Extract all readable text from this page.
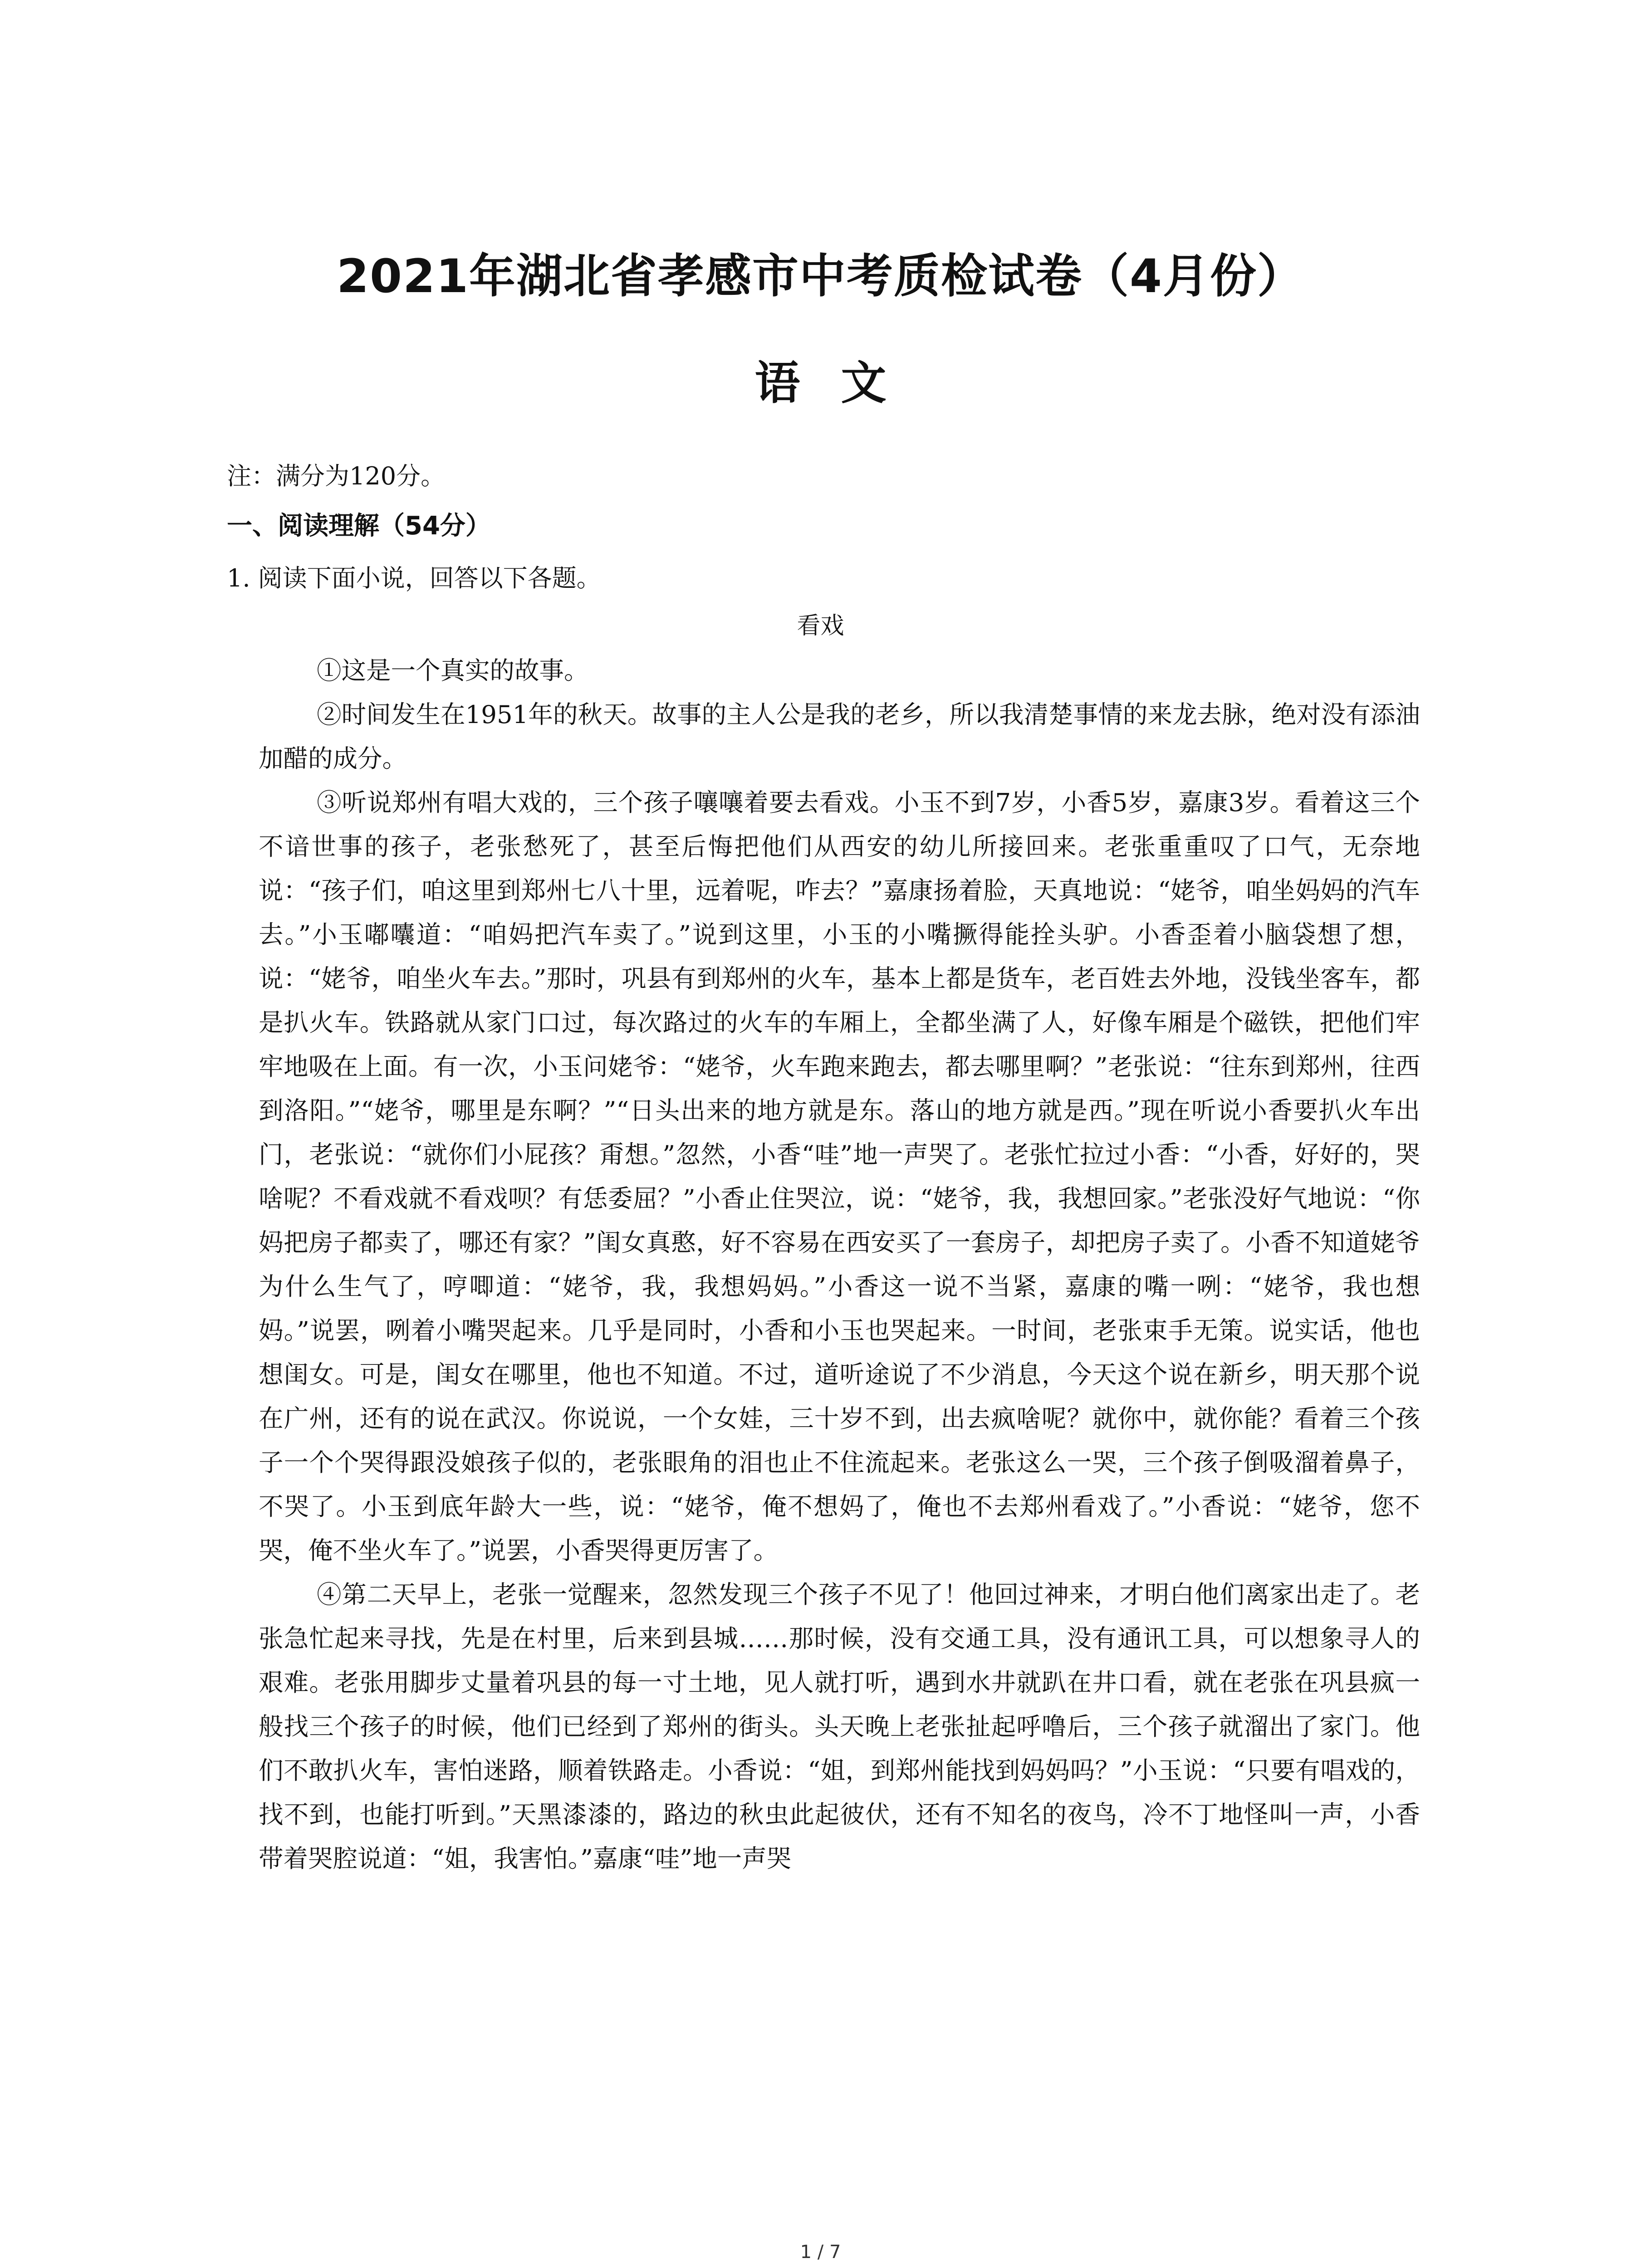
2021年湖北省孝感市中考质检试卷（4月份）
语文
注：满分为120分。
一、阅读理解（54分）
1. 阅读下面小说，回答以下各题。
看戏

①这是一个真实的故事。

②时间发生在1951年的秋天。故事的主人公是我的老乡，所以我清楚事情的来龙去脉，绝对没有添油加醋的成分。

③听说郑州有唱大戏的，三个孩子嚷嚷着要去看戏。小玉不到7岁，小香5岁，嘉康3岁。看着这三个不谙世事的孩子，老张愁死了，甚至后悔把他们从西安的幼儿所接回来。老张重重叹了口气，无奈地说：“孩子们，咱这里到郑州七八十里，远着呢，咋去？”嘉康扬着脸，天真地说：“姥爷，咱坐妈妈的汽车去。”小玉嘟囔道：“咱妈把汽车卖了。”说到这里，小玉的小嘴撅得能拴头驴。小香歪着小脑袋想了想，说：“姥爷，咱坐火车去。”那时，巩县有到郑州的火车，基本上都是货车，老百姓去外地，没钱坐客车，都是扒火车。铁路就从家门口过，每次路过的火车的车厢上，全都坐满了人，好像车厢是个磁铁，把他们牢牢地吸在上面。有一次，小玉问姥爷：“姥爷，火车跑来跑去，都去哪里啊？”老张说：“往东到郑州，往西到洛阳。”“姥爷，哪里是东啊？”“日头出来的地方就是东。落山的地方就是西。”现在听说小香要扒火车出门，老张说：“就你们小屁孩？甭想。”忽然，小香“哇”地一声哭了。老张忙拉过小香：“小香，好好的，哭啥呢？不看戏就不看戏呗？有恁委屈？”小香止住哭泣，说：“姥爷，我，我想回家。”老张没好气地说：“你妈把房子都卖了，哪还有家？”闺女真憨，好不容易在西安买了一套房子，却把房子卖了。小香不知道姥爷为什么生气了，哼唧道：“姥爷，我，我想妈妈。”小香这一说不当紧，嘉康的嘴一咧：“姥爷，我也想妈。”说罢，咧着小嘴哭起来。几乎是同时，小香和小玉也哭起来。一时间，老张束手无策。说实话，他也想闺女。可是，闺女在哪里，他也不知道。不过，道听途说了不少消息，今天这个说在新乡，明天那个说在广州，还有的说在武汉。你说说，一个女娃，三十岁不到，出去疯啥呢？就你中，就你能？看着三个孩子一个个哭得跟没娘孩子似的，老张眼角的泪也止不住流起来。老张这么一哭，三个孩子倒吸溜着鼻子，不哭了。小玉到底年龄大一些，说：“姥爷，俺不想妈了，俺也不去郑州看戏了。”小香说：“姥爷，您不哭，俺不坐火车了。”说罢，小香哭得更厉害了。

④第二天早上，老张一觉醒来，忽然发现三个孩子不见了！他回过神来，才明白他们离家出走了。老张急忙起来寻找，先是在村里，后来到县城……那时候，没有交通工具，没有通讯工具，可以想象寻人的艰难。老张用脚步丈量着巩县的每一寸土地，见人就打听，遇到水井就趴在井口看，就在老张在巩县疯一般找三个孩子的时候，他们已经到了郑州的街头。头天晚上老张扯起呼噜后，三个孩子就溜出了家门。他们不敢扒火车，害怕迷路，顺着铁路走。小香说：“姐，到郑州能找到妈妈吗？”小玉说：“只要有唱戏的，找不到，也能打听到。”天黑漆漆的，路边的秋虫此起彼伏，还有不知名的夜鸟，冷不丁地怪叫一声，小香带着哭腔说道：“姐，我害怕。”嘉康“哇”地一声哭

1 / 7
